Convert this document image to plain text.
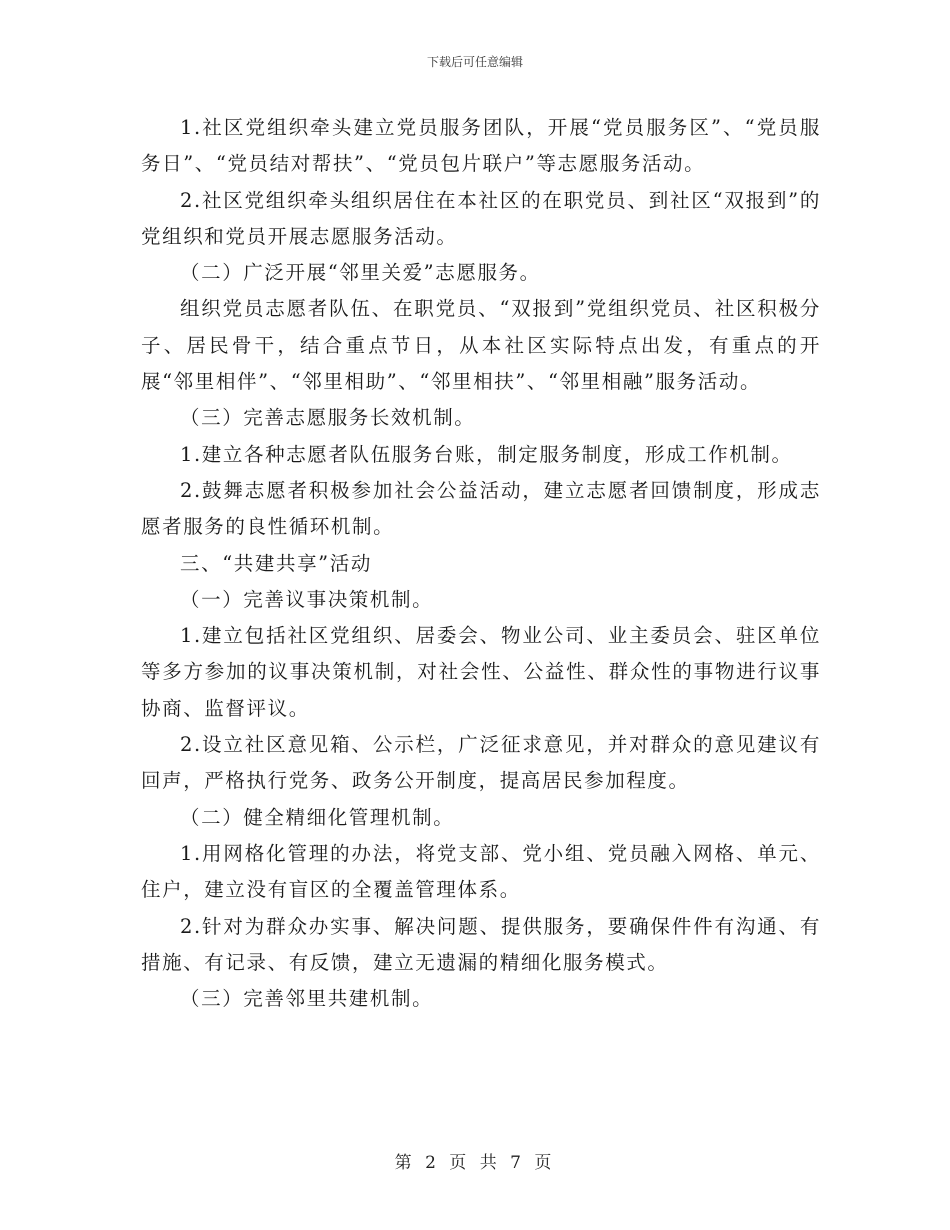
下载后可任意编辑

1.社区党组织牵头建立党员服务团队，开展“党员服务区”、“党员服务日”、“党员结对帮扶”、“党员包片联户”等志愿服务活动。

2.社区党组织牵头组织居住在本社区的在职党员、到社区“双报到”的党组织和党员开展志愿服务活动。

（二）广泛开展“邻里关爱”志愿服务。

组织党员志愿者队伍、在职党员、“双报到”党组织党员、社区积极分子、居民骨干，结合重点节日，从本社区实际特点出发，有重点的开展“邻里相伴”、“邻里相助”、“邻里相扶”、“邻里相融”服务活动。

（三）完善志愿服务长效机制。

1.建立各种志愿者队伍服务台账，制定服务制度，形成工作机制。

2.鼓舞志愿者积极参加社会公益活动，建立志愿者回馈制度，形成志愿者服务的良性循环机制。

三、“共建共享”活动

（一）完善议事决策机制。

1.建立包括社区党组织、居委会、物业公司、业主委员会、驻区单位等多方参加的议事决策机制，对社会性、公益性、群众性的事物进行议事协商、监督评议。

2.设立社区意见箱、公示栏，广泛征求意见，并对群众的意见建议有回声，严格执行党务、政务公开制度，提高居民参加程度。

（二）健全精细化管理机制。

1.用网格化管理的办法，将党支部、党小组、党员融入网格、单元、住户，建立没有盲区的全覆盖管理体系。

2.针对为群众办实事、解决问题、提供服务，要确保件件有沟通、有措施、有记录、有反馈，建立无遗漏的精细化服务模式。

（三）完善邻里共建机制。

第 2 页 共 7 页
